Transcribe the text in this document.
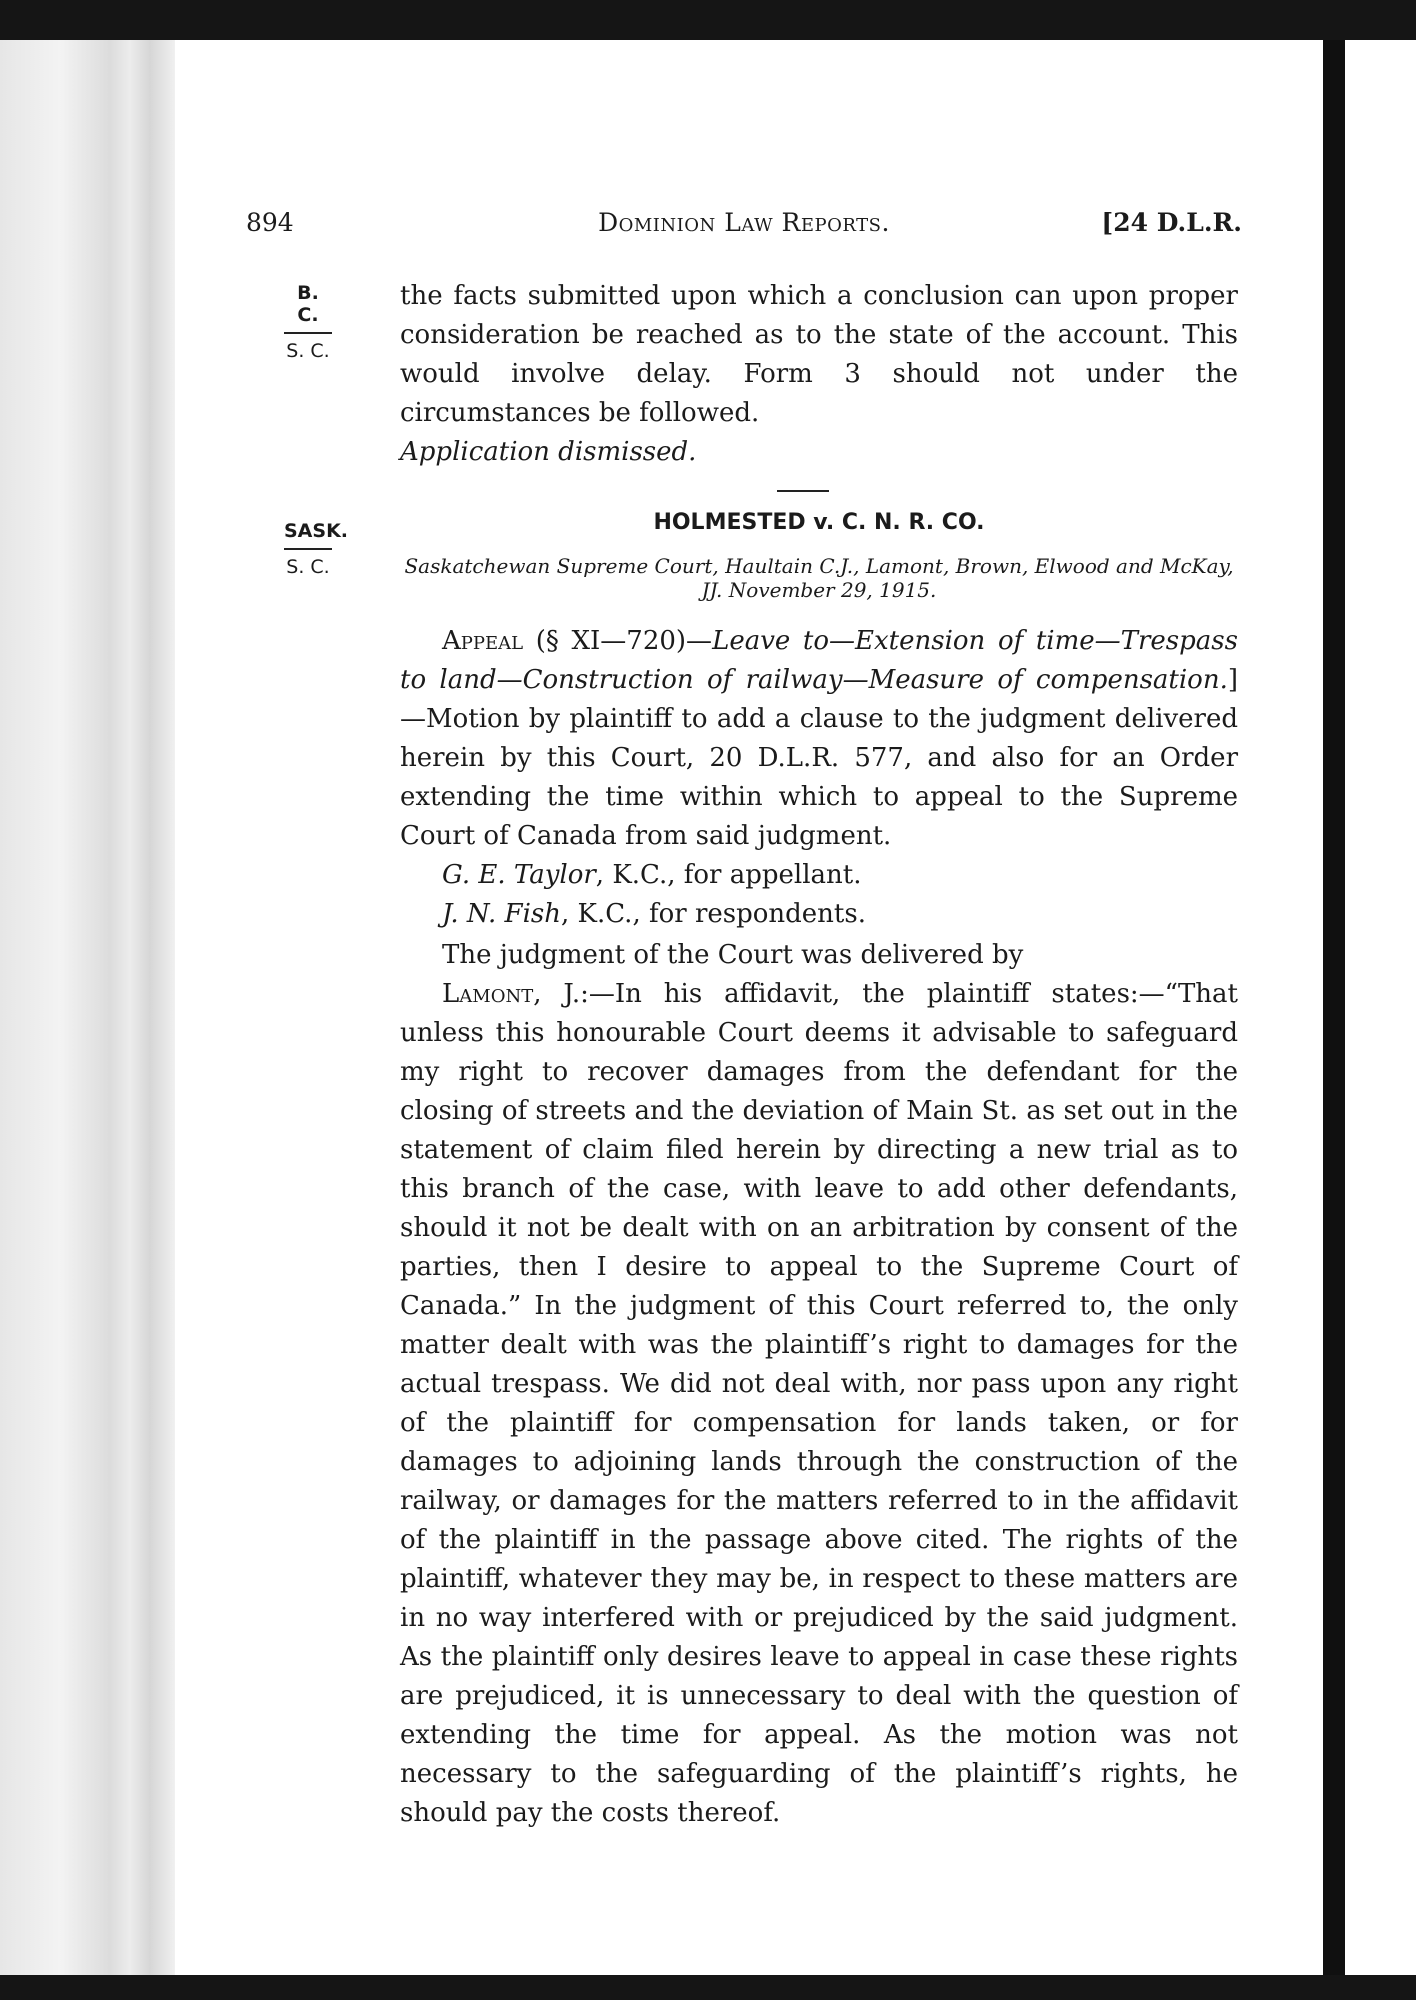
894	Dominion Law Reports.	[24 D.L.R.
B. C.
S. C.

the facts submitted upon which a conclusion can upon proper consideration be reached as to the state of the account. This would involve delay. Form 3 should not under the circumstances be followed.

Application dismissed.

SASK.
S. C.
HOLMESTED v. C. N. R. CO.
Saskatchewan Supreme Court, Haultain C.J., Lamont, Brown, Elwood and McKay, JJ. November 29, 1915.

Appeal (§ XI—720)—Leave to—Extension of time—Trespass to land—Construction of railway—Measure of compensation.]—Motion by plaintiff to add a clause to the judgment delivered herein by this Court, 20 D.L.R. 577, and also for an Order extending the time within which to appeal to the Supreme Court of Canada from said judgment.

G. E. Taylor, K.C., for appellant.

J. N. Fish, K.C., for respondents.

The judgment of the Court was delivered by

Lamont, J.:—In his affidavit, the plaintiff states:—“That unless this honourable Court deems it advisable to safeguard my right to recover damages from the defendant for the closing of streets and the deviation of Main St. as set out in the statement of claim filed herein by directing a new trial as to this branch of the case, with leave to add other defendants, should it not be dealt with on an arbitration by consent of the parties, then I desire to appeal to the Supreme Court of Canada.” In the judgment of this Court referred to, the only matter dealt with was the plaintiff’s right to damages for the actual trespass. We did not deal with, nor pass upon any right of the plaintiff for compensation for lands taken, or for damages to adjoining lands through the construction of the railway, or damages for the matters referred to in the affidavit of the plaintiff in the passage above cited. The rights of the plaintiff, whatever they may be, in respect to these matters are in no way interfered with or prejudiced by the said judgment. As the plaintiff only desires leave to appeal in case these rights are prejudiced, it is unnecessary to deal with the question of extending the time for appeal. As the motion was not necessary to the safeguarding of the plaintiff’s rights, he should pay the costs thereof.
